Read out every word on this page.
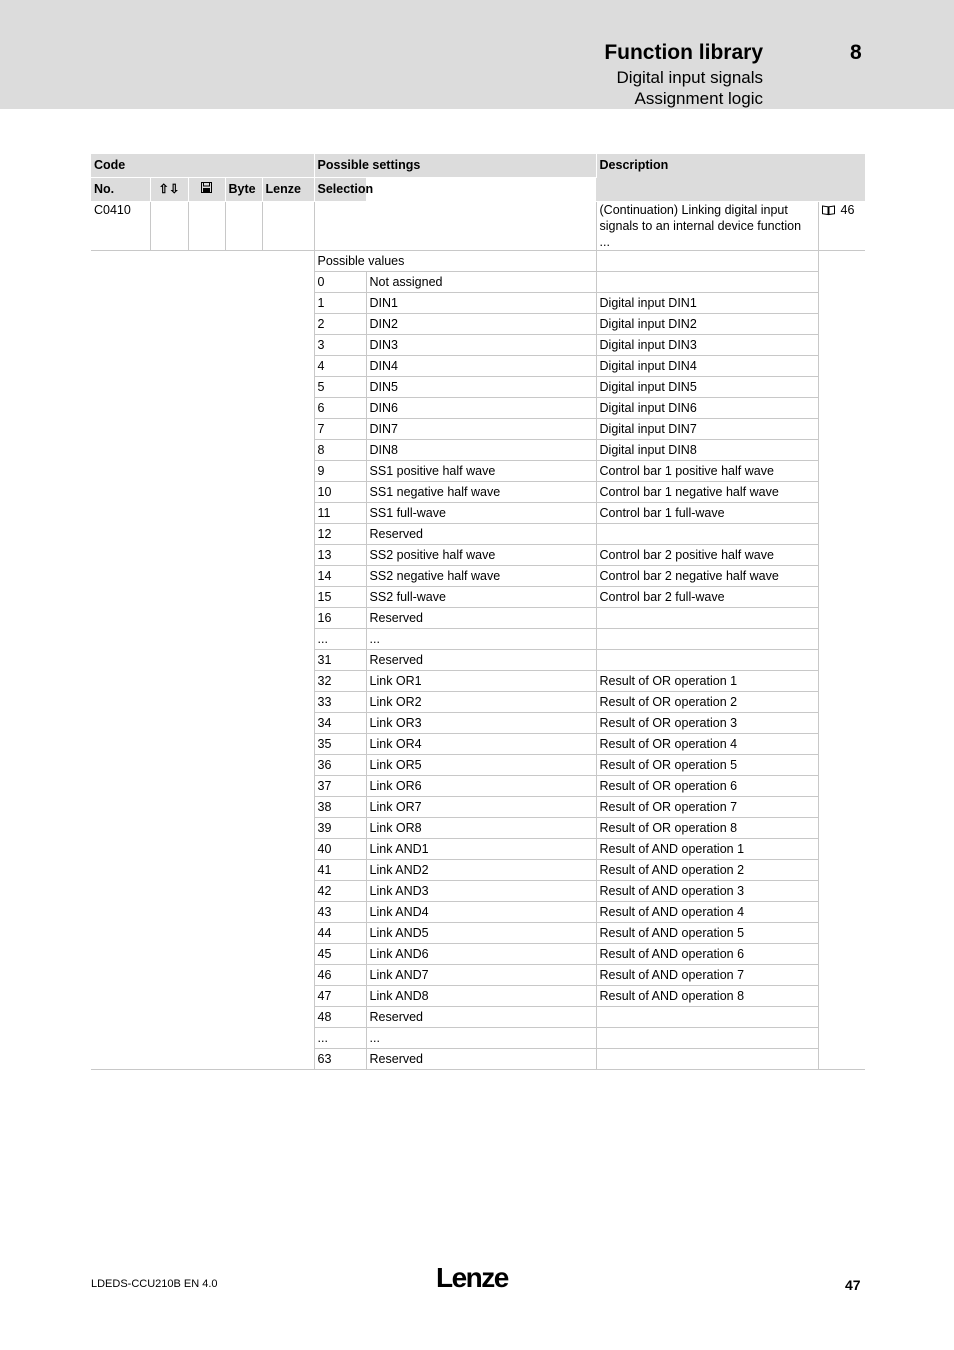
Function library	8
Digital input signals
Assignment logic
Code					Possible settings		Description	
No.	⇧⇩		Byte	Lenze	Selection			
C0410							(Continuation) Linking digital input signals to an internal device function ...	46
					Possible values			
					0	Not assigned		
					1	DIN1	Digital input DIN1	
					2	DIN2	Digital input DIN2	
					3	DIN3	Digital input DIN3	
					4	DIN4	Digital input DIN4	
					5	DIN5	Digital input DIN5	
					6	DIN6	Digital input DIN6	
					7	DIN7	Digital input DIN7	
					8	DIN8	Digital input DIN8	
					9	SS1 positive half wave	Control bar 1 positive half wave	
					10	SS1 negative half wave	Control bar 1 negative half wave	
					11	SS1 full-wave	Control bar 1 full-wave	
					12	Reserved		
					13	SS2 positive half wave	Control bar 2 positive half wave	
					14	SS2 negative half wave	Control bar 2 negative half wave	
					15	SS2 full-wave	Control bar 2 full-wave	
					16	Reserved		
					...	...		
					31	Reserved		
					32	Link OR1	Result of OR operation 1	
					33	Link OR2	Result of OR operation 2	
					34	Link OR3	Result of OR operation 3	
					35	Link OR4	Result of OR operation 4	
					36	Link OR5	Result of OR operation 5	
					37	Link OR6	Result of OR operation 6	
					38	Link OR7	Result of OR operation 7	
					39	Link OR8	Result of OR operation 8	
					40	Link AND1	Result of AND operation 1	
					41	Link AND2	Result of AND operation 2	
					42	Link AND3	Result of AND operation 3	
					43	Link AND4	Result of AND operation 4	
					44	Link AND5	Result of AND operation 5	
					45	Link AND6	Result of AND operation 6	
					46	Link AND7	Result of AND operation 7	
					47	Link AND8	Result of AND operation 8	
					48	Reserved		
					...	...		
					63	Reserved		
LDEDS-CCU210B EN 4.0	Lenze	47
